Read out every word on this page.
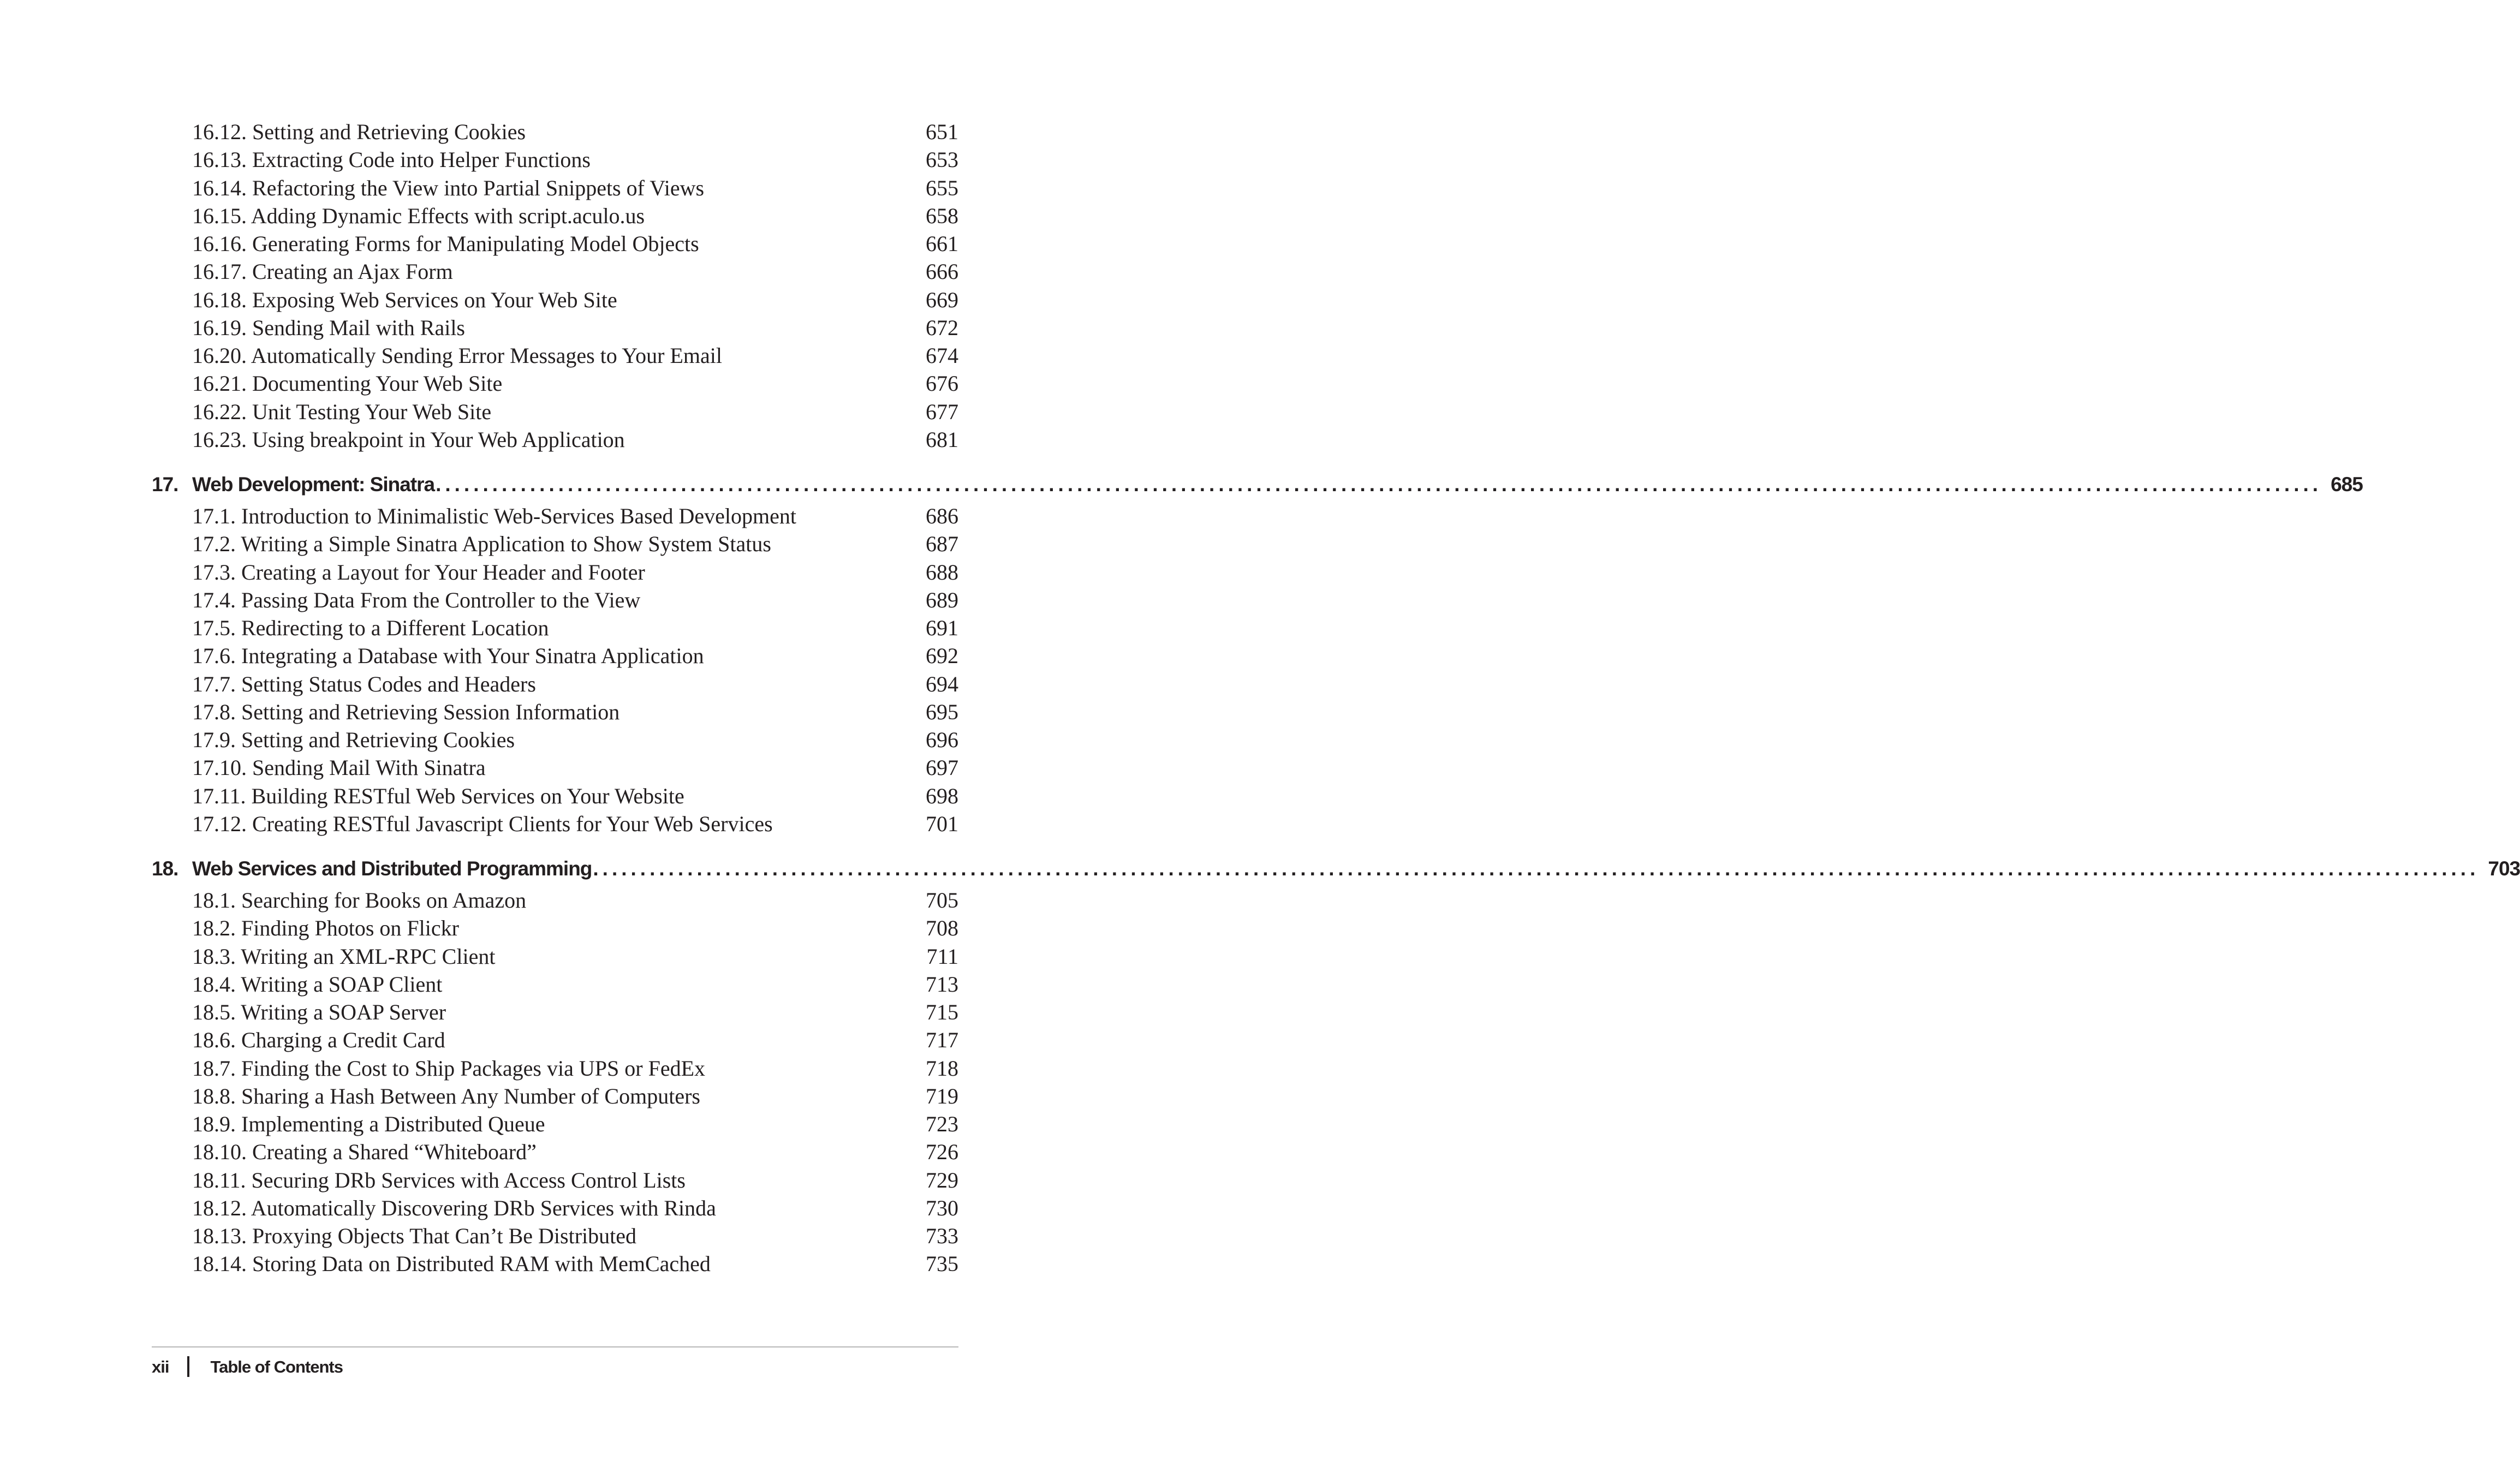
16.12. Setting and Retrieving Cookies	651
16.13. Extracting Code into Helper Functions	653
16.14. Refactoring the View into Partial Snippets of Views	655
16.15. Adding Dynamic Effects with script.aculo.us	658
16.16. Generating Forms for Manipulating Model Objects	661
16.17. Creating an Ajax Form	666
16.18. Exposing Web Services on Your Web Site	669
16.19. Sending Mail with Rails	672
16.20. Automatically Sending Error Messages to Your Email	674
16.21. Documenting Your Web Site	676
16.22. Unit Testing Your Web Site	677
16.23. Using breakpoint in Your Web Application	681
17. Web Development: Sinatra ........................................................................................................................................................................................................ 685
17.1. Introduction to Minimalistic Web-Services Based Development	686
17.2. Writing a Simple Sinatra Application to Show System Status	687
17.3. Creating a Layout for Your Header and Footer	688
17.4. Passing Data From the Controller to the View	689
17.5. Redirecting to a Different Location	691
17.6. Integrating a Database with Your Sinatra Application	692
17.7. Setting Status Codes and Headers	694
17.8. Setting and Retrieving Session Information	695
17.9. Setting and Retrieving Cookies	696
17.10. Sending Mail With Sinatra	697
17.11. Building RESTful Web Services on Your Website	698
17.12. Creating RESTful Javascript Clients for Your Web Services	701
18. Web Services and Distributed Programming ........................................................................................................................................................................................................ 703
18.1. Searching for Books on Amazon	705
18.2. Finding Photos on Flickr	708
18.3. Writing an XML-RPC Client	711
18.4. Writing a SOAP Client	713
18.5. Writing a SOAP Server	715
18.6. Charging a Credit Card	717
18.7. Finding the Cost to Ship Packages via UPS or FedEx	718
18.8. Sharing a Hash Between Any Number of Computers	719
18.9. Implementing a Distributed Queue	723
18.10. Creating a Shared “Whiteboard”	726
18.11. Securing DRb Services with Access Control Lists	729
18.12. Automatically Discovering DRb Services with Rinda	730
18.13. Proxying Objects That Can’t Be Distributed	733
18.14. Storing Data on Distributed RAM with MemCached	735
xii Table of Contents
